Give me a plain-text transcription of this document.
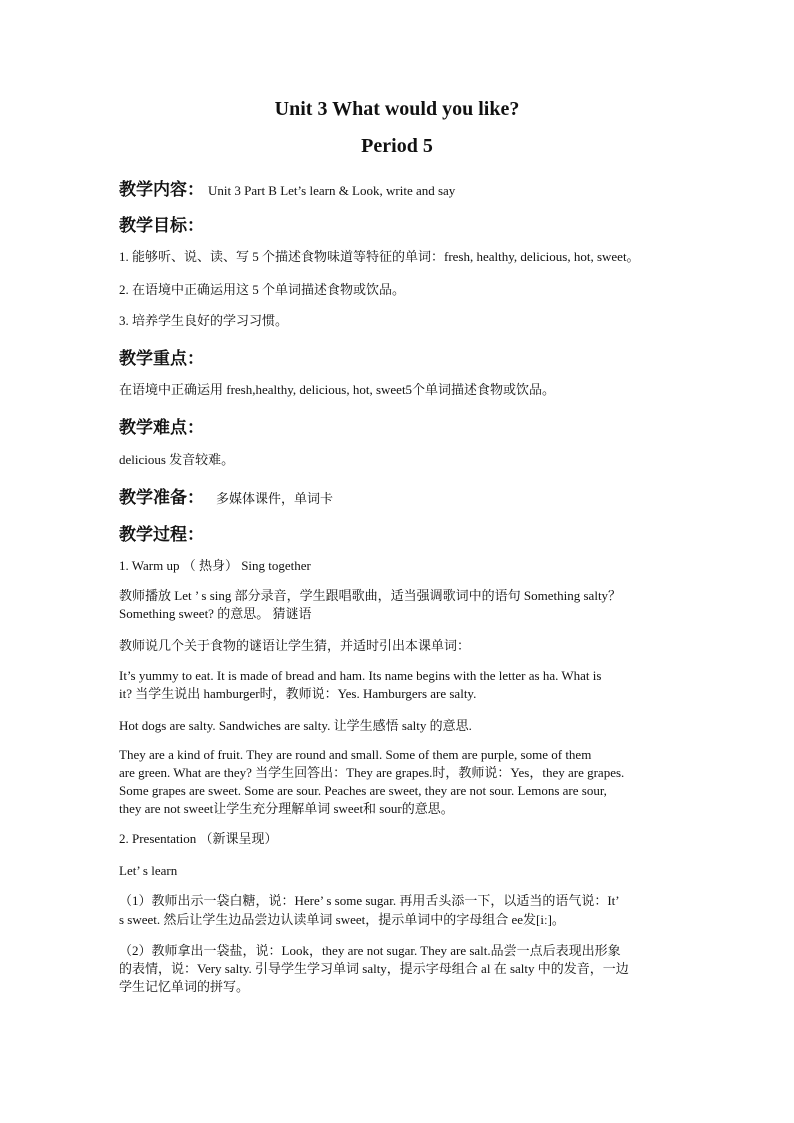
Unit 3 What would you like?
Period 5
教学内容： Unit 3 Part B Let’s learn & Look, write and say
教学目标：
1. 能够听、说、读、写 5 个描述食物味道等特征的单词：fresh, healthy, delicious, hot, sweet。
2. 在语境中正确运用这 5 个单词描述食物或饮品。
3. 培养学生良好的学习习惯。
教学重点：
在语境中正确运用 fresh,healthy, delicious, hot, sweet5个单词描述食物或饮品。
教学难点：
delicious 发音较难。
教学准备： 多媒体课件，单词卡
教学过程：
1. Warm up （ 热身） Sing together
教师播放 Let ’ s sing 部分录音，学生跟唱歌曲，适当强调歌词中的语句 Something salty？
Something sweet? 的意思。 猜谜语
教师说几个关于食物的谜语让学生猜，并适时引出本课单词：
It’s yummy to eat. It is made of bread and ham. Its name begins with the letter as ha. What is
it? 当学生说出 hamburger时，教师说：Yes. Hamburgers are salty.
Hot dogs are salty. Sandwiches are salty. 让学生感悟 salty 的意思.
They are a kind of fruit. They are round and small. Some of them are purple, some of them
are green. What are they? 当学生回答出：They are grapes.时，教师说：Yes，they are grapes.
Some grapes are sweet. Some are sour. Peaches are sweet, they are not sour. Lemons are sour,
they are not sweet让学生充分理解单词 sweet和 sour的意思。
2. Presentation （新课呈现）
Let’ s learn
（1）教师出示一袋白糖，说：Here’ s some sugar. 再用舌头添一下，以适当的语气说：It’
s sweet. 然后让学生边品尝边认读单词 sweet，提示单词中的字母组合 ee发[iː]。
（2）教师拿出一袋盐，说：Look，they are not sugar. They are salt.品尝一点后表现出形象
的表情，说：Very salty. 引导学生学习单词 salty，提示字母组合 al 在 salty 中的发音，一边
学生记忆单词的拼写。
